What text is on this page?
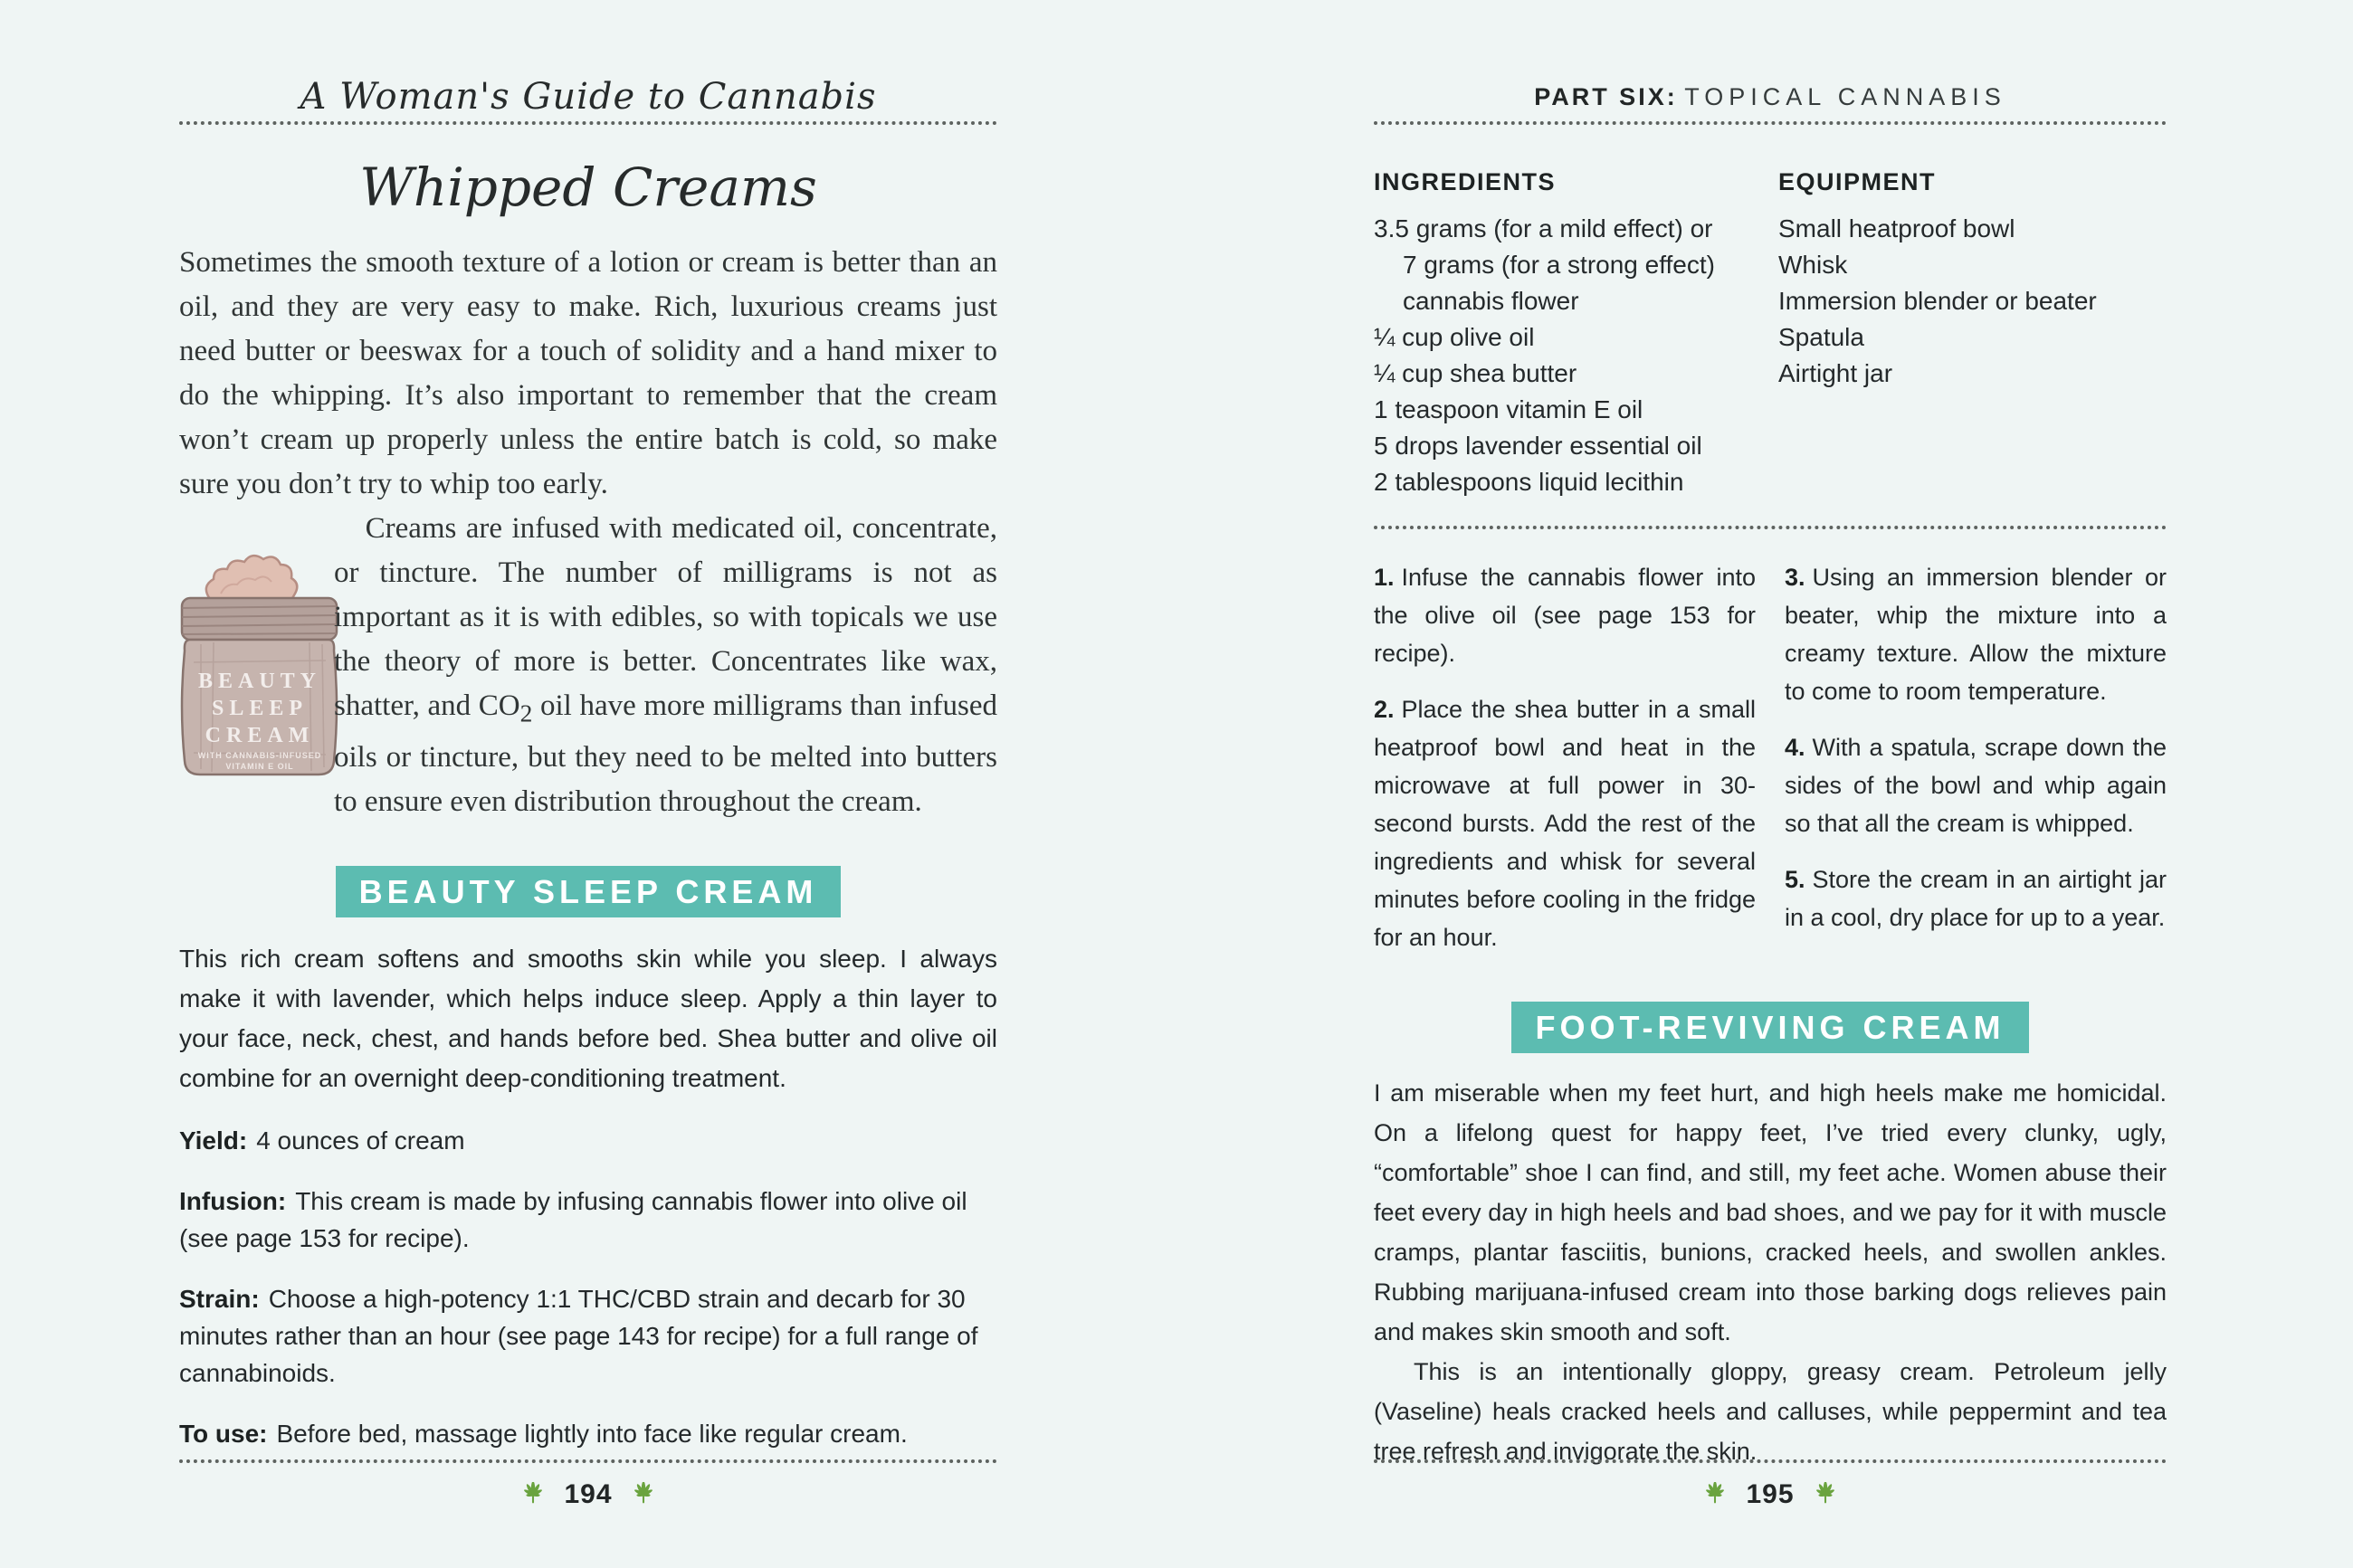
A Woman's Guide to Cannabis
Whipped Creams

Sometimes the smooth texture of a lotion or cream is better than an oil, and they are very easy to make. Rich, luxurious creams just need butter or beeswax for a touch of solidity and a hand mixer to do the whipping. It’s also important to remember that the cream won’t cream up properly unless the entire batch is cold, so make sure you don’t try to whip too early.

BEAUTY
SLEEP
CREAM
WITH CANNABIS-INFUSED
VITAMIN E OIL
Creams are infused with medicated oil, concentrate, or tincture. The number of milligrams is not as important as it is with edibles, so with topicals we use the theory of more is better. Concentrates like wax, shatter, and $CO_2$ oil have more milligrams than infused oils or tincture, but they need to be melted into butters to ensure even distribution throughout the cream.

BEAUTY SLEEP CREAM

This rich cream softens and smooths skin while you sleep. I always make it with lavender, which helps induce sleep. Apply a thin layer to your face, neck, chest, and hands before bed. Shea butter and olive oil combine for an overnight deep-conditioning treatment.

Yield: 4 ounces of cream

Infusion: This cream is made by infusing cannabis flower into olive oil (see page 153 for recipe).

Strain: Choose a high-potency 1:1 THC/CBD strain and decarb for 30 minutes rather than an hour (see page 143 for recipe) for a full range of cannabinoids.

To use: Before bed, massage lightly into face like regular cream.

194
PART SIX: TOPICAL CANNABIS
INGREDIENTS

3.5 grams (for a mild effect) or

7 grams (for a strong effect)

cannabis flower

¼ cup olive oil

¼ cup shea butter

1 teaspoon vitamin E oil

5 drops lavender essential oil

2 tablespoons liquid lecithin

EQUIPMENT

Small heatproof bowl

Whisk

Immersion blender or beater

Spatula

Airtight jar

1. Infuse the cannabis flower into the olive oil (see page 153 for recipe).

2. Place the shea butter in a small heatproof bowl and heat in the microwave at full power in 30-second bursts. Add the rest of the ingredients and whisk for several minutes before cooling in the fridge for an hour.

3. Using an immersion blender or beater, whip the mixture into a creamy texture. Allow the mixture to come to room temperature.

4. With a spatula, scrape down the sides of the bowl and whip again so that all the cream is whipped.

5. Store the cream in an airtight jar in a cool, dry place for up to a year.

FOOT-REVIVING CREAM

I am miserable when my feet hurt, and high heels make me homicidal. On a lifelong quest for happy feet, I’ve tried every clunky, ugly, “comfortable” shoe I can find, and still, my feet ache. Women abuse their feet every day in high heels and bad shoes, and we pay for it with muscle cramps, plantar fasciitis, bunions, cracked heels, and swollen ankles. Rubbing marijuana-infused cream into those barking dogs relieves pain and makes skin smooth and soft.

This is an intentionally gloppy, greasy cream. Petroleum jelly (Vaseline) heals cracked heels and calluses, while peppermint and tea tree refresh and invigorate the skin.

195
